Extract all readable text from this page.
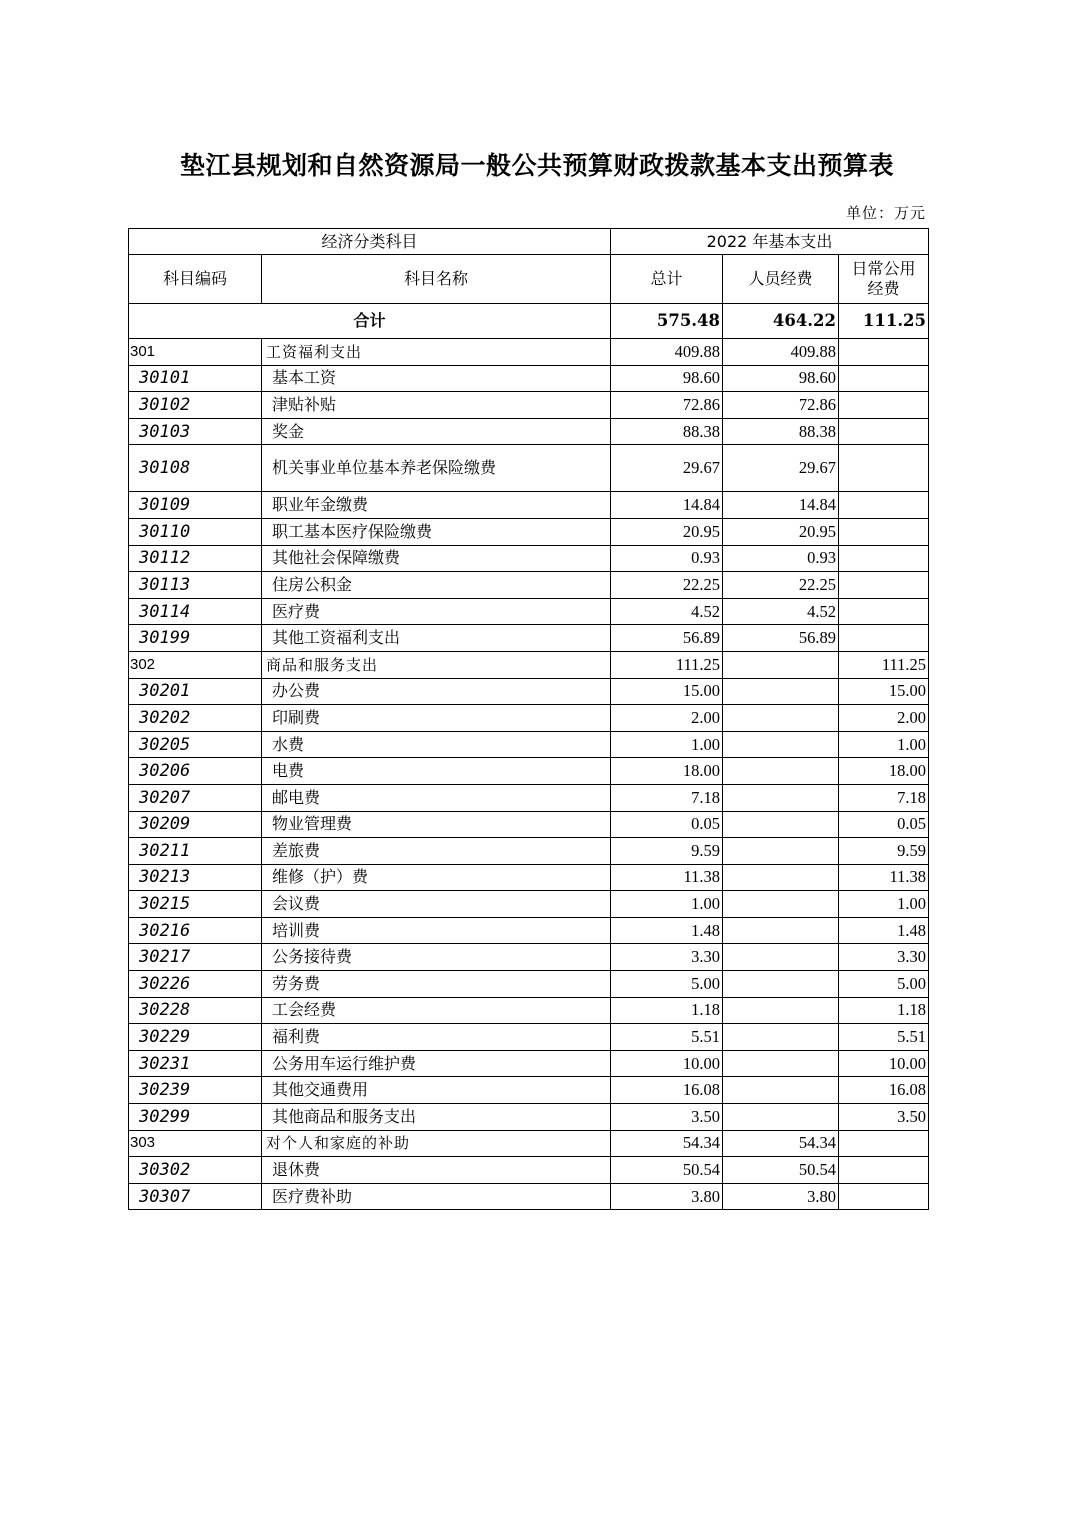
垫江县规划和自然资源局一般公共预算财政拨款基本支出预算表
单位：万元
经济分类科目		2022 年基本支出		
科目编码	科目名称	总计	人员经费	日常公用经费
合计		575.48	464.22	111.25
301	工资福利支出	409.88	409.88	
30101	基本工资	98.60	98.60	
30102	津贴补贴	72.86	72.86	
30103	奖金	88.38	88.38	
30108	机关事业单位基本养老保险缴费	29.67	29.67	
30109	职业年金缴费	14.84	14.84	
30110	职工基本医疗保险缴费	20.95	20.95	
30112	其他社会保障缴费	0.93	0.93	
30113	住房公积金	22.25	22.25	
30114	医疗费	4.52	4.52	
30199	其他工资福利支出	56.89	56.89	
302	商品和服务支出	111.25		111.25
30201	办公费	15.00		15.00
30202	印刷费	2.00		2.00
30205	水费	1.00		1.00
30206	电费	18.00		18.00
30207	邮电费	7.18		7.18
30209	物业管理费	0.05		0.05
30211	差旅费	9.59		9.59
30213	维修（护）费	11.38		11.38
30215	会议费	1.00		1.00
30216	培训费	1.48		1.48
30217	公务接待费	3.30		3.30
30226	劳务费	5.00		5.00
30228	工会经费	1.18		1.18
30229	福利费	5.51		5.51
30231	公务用车运行维护费	10.00		10.00
30239	其他交通费用	16.08		16.08
30299	其他商品和服务支出	3.50		3.50
303	对个人和家庭的补助	54.34	54.34	
30302	退休费	50.54	50.54	
30307	医疗费补助	3.80	3.80	
